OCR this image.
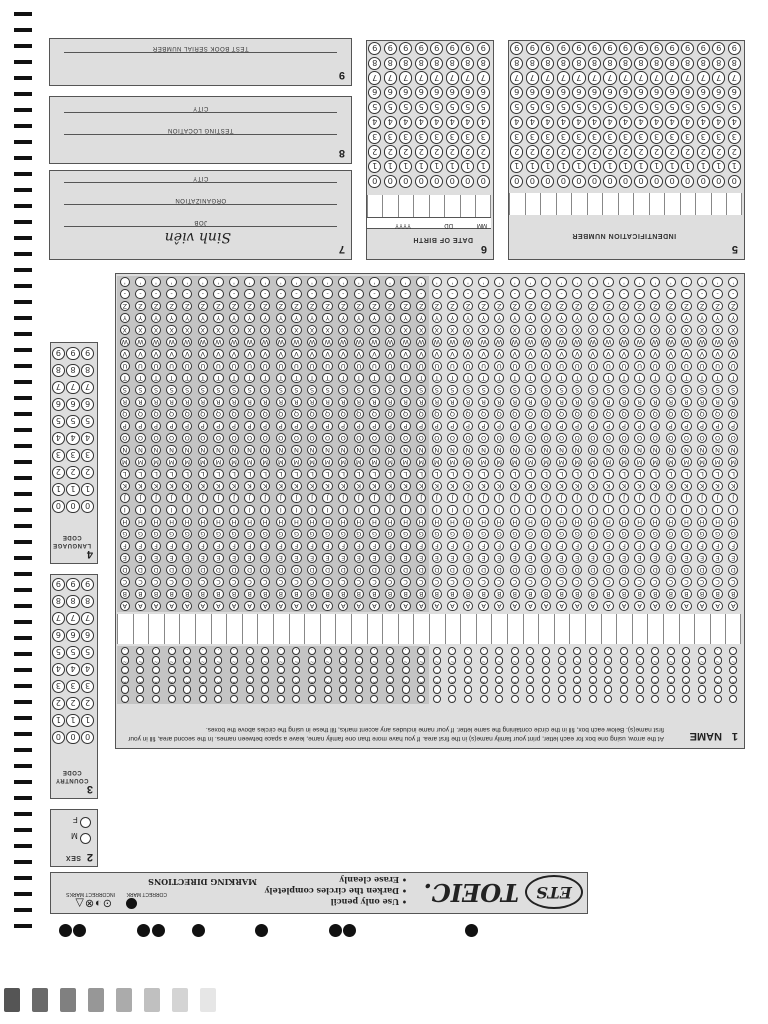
ETS
TOEIC.
• Use only pencil
• Darken the circles completely
• Erase cleanly
MARKING DIRECTIONS
CORRECT MARK
INCORRECT MARKS
⊙◑⊗△
1
NAME
At the arrow, using one box for each letter, print your family name(s) in the first area. If you have more than one family name, leave a space between names. In the second area, fill in your first name(s). Below each box, fill in the circle containing the same letter. If your name includes any accent marks, fill these in using the circles above the boxes.
´
`
^
¨
~
¸
´
`
^
¨
~
¸
´
`
^
¨
~
¸
´
`
^
¨
~
¸
´
`
^
¨
~
¸
´
`
^
¨
~
¸
´
`
^
¨
~
¸
´
`
^
¨
~
¸
´
`
^
¨
~
¸
´
`
^
¨
~
¸
´
`
^
¨
~
¸
´
`
^
¨
~
¸
´
`
^
¨
~
¸
´
`
^
¨
~
¸
´
`
^
¨
~
¸
´
`
^
¨
~
¸
´
`
^
¨
~
¸
´
`
^
¨
~
¸
´
`
^
¨
~
¸
´
`
^
¨
~
¸
´
`
^
¨
~
¸
´
`
^
¨
~
¸
´
`
^
¨
~
¸
´
`
^
¨
~
¸
´
`
^
¨
~
¸
´
`
^
¨
~
¸
´
`
^
¨
~
¸
´
`
^
¨
~
¸
´
`
^
¨
~
¸
´
`
^
¨
~
¸
´
`
^
¨
~
¸
´
`
^
¨
~
¸
´
`
^
¨
~
¸
´
`
^
¨
~
¸
´
`
^
¨
~
¸
´
`
^
¨
~
¸
´
`
^
¨
~
¸
´
`
^
¨
~
¸
´
`
^
¨
~
¸
´
`
^
¨
~
¸
A
B
C
D
E
F
G
H
I
J
K
L
M
N
O
P
Q
R
S
T
U
V
W
X
Y
Z
-
'
A
B
C
D
E
F
G
H
I
J
K
L
M
N
O
P
Q
R
S
T
U
V
W
X
Y
Z
-
'
A
B
C
D
E
F
G
H
I
J
K
L
M
N
O
P
Q
R
S
T
U
V
W
X
Y
Z
-
'
A
B
C
D
E
F
G
H
I
J
K
L
M
N
O
P
Q
R
S
T
U
V
W
X
Y
Z
-
'
A
B
C
D
E
F
G
H
I
J
K
L
M
N
O
P
Q
R
S
T
U
V
W
X
Y
Z
-
'
A
B
C
D
E
F
G
H
I
J
K
L
M
N
O
P
Q
R
S
T
U
V
W
X
Y
Z
-
'
A
B
C
D
E
F
G
H
I
J
K
L
M
N
O
P
Q
R
S
T
U
V
W
X
Y
Z
-
'
A
B
C
D
E
F
G
H
I
J
K
L
M
N
O
P
Q
R
S
T
U
V
W
X
Y
Z
-
'
A
B
C
D
E
F
G
H
I
J
K
L
M
N
O
P
Q
R
S
T
U
V
W
X
Y
Z
-
'
A
B
C
D
E
F
G
H
I
J
K
L
M
N
O
P
Q
R
S
T
U
V
W
X
Y
Z
-
'
A
B
C
D
E
F
G
H
I
J
K
L
M
N
O
P
Q
R
S
T
U
V
W
X
Y
Z
-
'
A
B
C
D
E
F
G
H
I
J
K
L
M
N
O
P
Q
R
S
T
U
V
W
X
Y
Z
-
'
A
B
C
D
E
F
G
H
I
J
K
L
M
N
O
P
Q
R
S
T
U
V
W
X
Y
Z
-
'
A
B
C
D
E
F
G
H
I
J
K
L
M
N
O
P
Q
R
S
T
U
V
W
X
Y
Z
-
'
A
B
C
D
E
F
G
H
I
J
K
L
M
N
O
P
Q
R
S
T
U
V
W
X
Y
Z
-
'
A
B
C
D
E
F
G
H
I
J
K
L
M
N
O
P
Q
R
S
T
U
V
W
X
Y
Z
-
'
A
B
C
D
E
F
G
H
I
J
K
L
M
N
O
P
Q
R
S
T
U
V
W
X
Y
Z
-
'
A
B
C
D
E
F
G
H
I
J
K
L
M
N
O
P
Q
R
S
T
U
V
W
X
Y
Z
-
'
A
B
C
D
E
F
G
H
I
J
K
L
M
N
O
P
Q
R
S
T
U
V
W
X
Y
Z
-
'
A
B
C
D
E
F
G
H
I
J
K
L
M
N
O
P
Q
R
S
T
U
V
W
X
Y
Z
-
'
A
B
C
D
E
F
G
H
I
J
K
L
M
N
O
P
Q
R
S
T
U
V
W
X
Y
Z
-
'
A
B
C
D
E
F
G
H
I
J
K
L
M
N
O
P
Q
R
S
T
U
V
W
X
Y
Z
-
'
A
B
C
D
E
F
G
H
I
J
K
L
M
N
O
P
Q
R
S
T
U
V
W
X
Y
Z
-
'
A
B
C
D
E
F
G
H
I
J
K
L
M
N
O
P
Q
R
S
T
U
V
W
X
Y
Z
-
'
A
B
C
D
E
F
G
H
I
J
K
L
M
N
O
P
Q
R
S
T
U
V
W
X
Y
Z
-
'
A
B
C
D
E
F
G
H
I
J
K
L
M
N
O
P
Q
R
S
T
U
V
W
X
Y
Z
-
'
A
B
C
D
E
F
G
H
I
J
K
L
M
N
O
P
Q
R
S
T
U
V
W
X
Y
Z
-
'
A
B
C
D
E
F
G
H
I
J
K
L
M
N
O
P
Q
R
S
T
U
V
W
X
Y
Z
-
'
A
B
C
D
E
F
G
H
I
J
K
L
M
N
O
P
Q
R
S
T
U
V
W
X
Y
Z
-
'
A
B
C
D
E
F
G
H
I
J
K
L
M
N
O
P
Q
R
S
T
U
V
W
X
Y
Z
-
'
A
B
C
D
E
F
G
H
I
J
K
L
M
N
O
P
Q
R
S
T
U
V
W
X
Y
Z
-
'
A
B
C
D
E
F
G
H
I
J
K
L
M
N
O
P
Q
R
S
T
U
V
W
X
Y
Z
-
'
A
B
C
D
E
F
G
H
I
J
K
L
M
N
O
P
Q
R
S
T
U
V
W
X
Y
Z
-
'
A
B
C
D
E
F
G
H
I
J
K
L
M
N
O
P
Q
R
S
T
U
V
W
X
Y
Z
-
'
A
B
C
D
E
F
G
H
I
J
K
L
M
N
O
P
Q
R
S
T
U
V
W
X
Y
Z
-
'
A
B
C
D
E
F
G
H
I
J
K
L
M
N
O
P
Q
R
S
T
U
V
W
X
Y
Z
-
'
A
B
C
D
E
F
G
H
I
J
K
L
M
N
O
P
Q
R
S
T
U
V
W
X
Y
Z
-
'
A
B
C
D
E
F
G
H
I
J
K
L
M
N
O
P
Q
R
S
T
U
V
W
X
Y
Z
-
'
A
B
C
D
E
F
G
H
I
J
K
L
M
N
O
P
Q
R
S
T
U
V
W
X
Y
Z
-
'
A
B
C
D
E
F
G
H
I
J
K
L
M
N
O
P
Q
R
S
T
U
V
W
X
Y
Z
-
'
2
SEX
M
F
3
COUNTRY CODE
0
1
2
3
4
5
6
7
8
9
0
1
2
3
4
5
6
7
8
9
0
1
2
3
4
5
6
7
8
9
4
LANGUAGE CODE
0
1
2
3
4
5
6
7
8
9
0
1
2
3
4
5
6
7
8
9
0
1
2
3
4
5
6
7
8
9
5
INDENTIFICATION NUMBER
0
1
2
3
4
5
6
7
8
9
0
1
2
3
4
5
6
7
8
9
0
1
2
3
4
5
6
7
8
9
0
1
2
3
4
5
6
7
8
9
0
1
2
3
4
5
6
7
8
9
0
1
2
3
4
5
6
7
8
9
0
1
2
3
4
5
6
7
8
9
0
1
2
3
4
5
6
7
8
9
0
1
2
3
4
5
6
7
8
9
0
1
2
3
4
5
6
7
8
9
0
1
2
3
4
5
6
7
8
9
0
1
2
3
4
5
6
7
8
9
0
1
2
3
4
5
6
7
8
9
0
1
2
3
4
5
6
7
8
9
0
1
2
3
4
5
6
7
8
9
6
DATE OF BIRTH
MM
DD
YYYY
0
1
2
3
4
5
6
7
8
9
0
1
2
3
4
5
6
7
8
9
0
1
2
3
4
5
6
7
8
9
0
1
2
3
4
5
6
7
8
9
0
1
2
3
4
5
6
7
8
9
0
1
2
3
4
5
6
7
8
9
0
1
2
3
4
5
6
7
8
9
0
1
2
3
4
5
6
7
8
9
7
Sinh viên
JOB
ORGANIZATION
CITY
8
TESTING LOCATION
CITY
9
TEST BOOK SERIAL NUMBER
